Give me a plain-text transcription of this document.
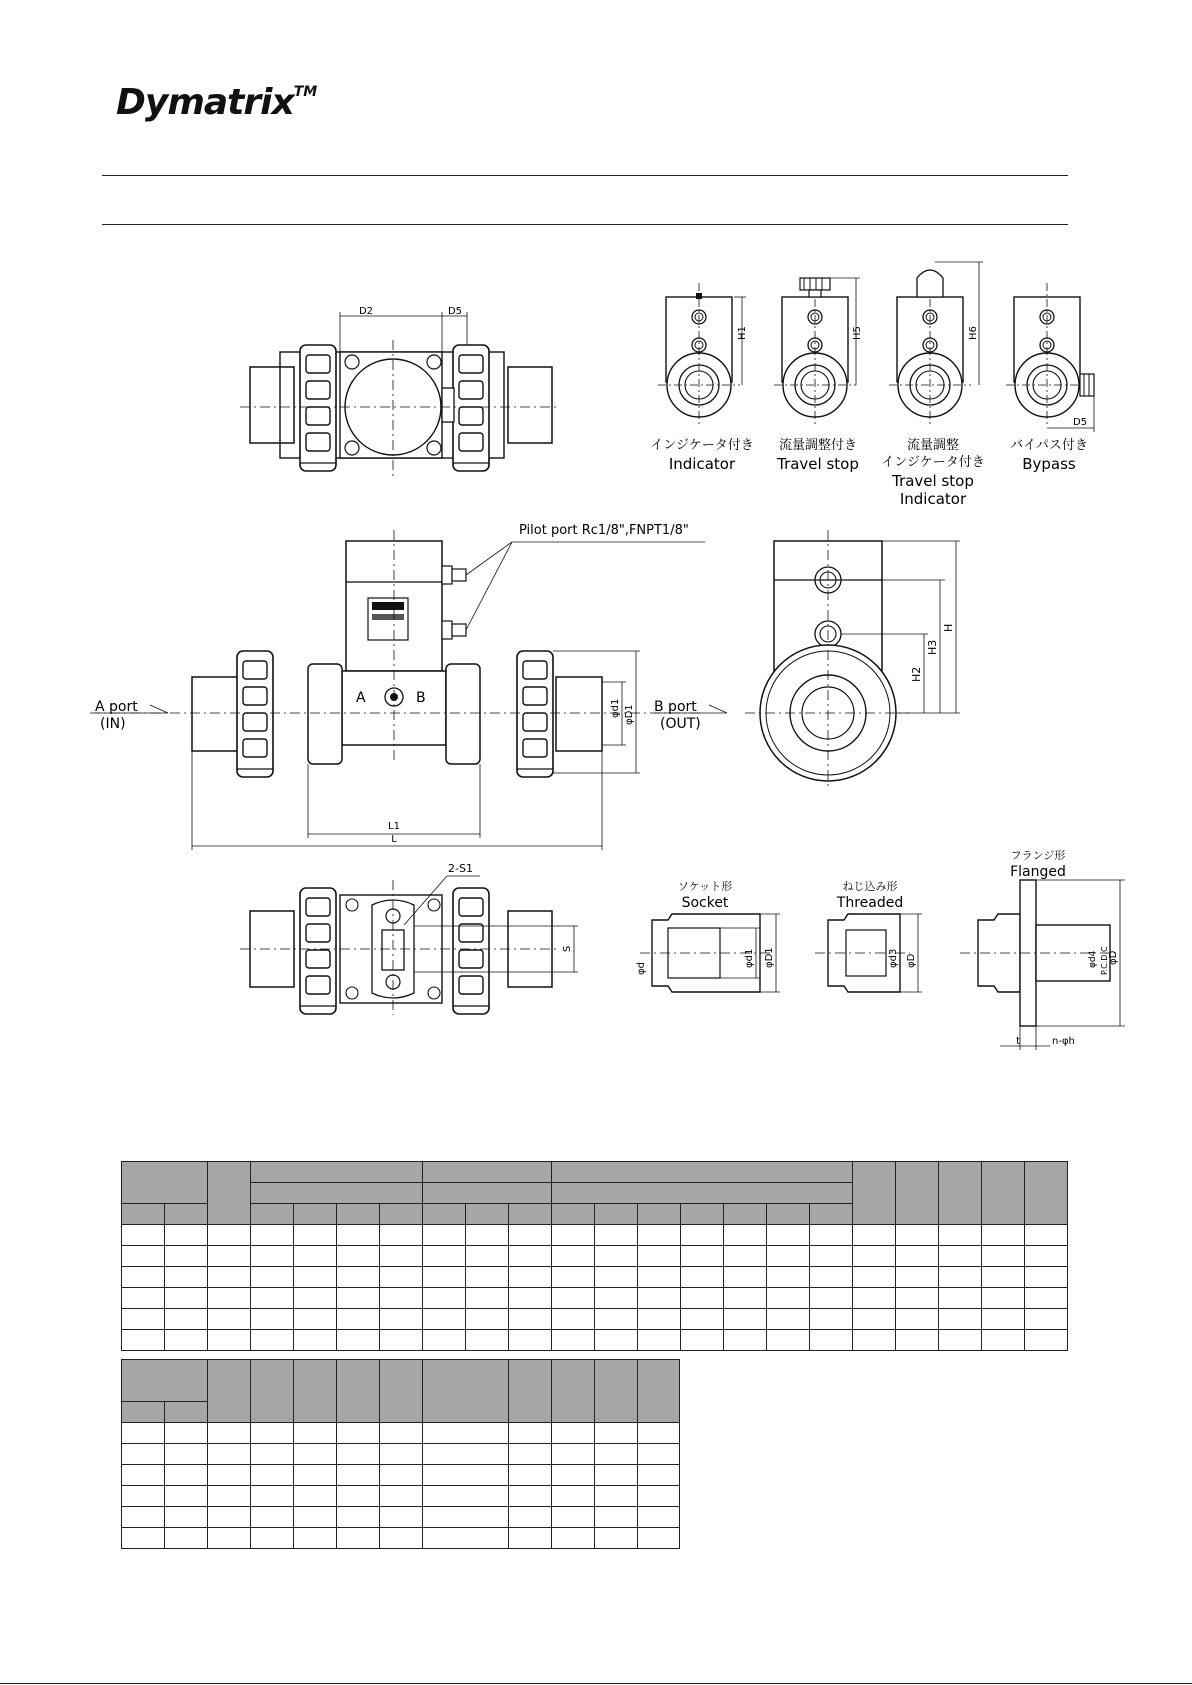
Dymatrix™
D2	D5
H1	H5	H6
D5
インジケータ付き
Indicator
流量調整付き
Travel stop
流量調整
インジケータ付き
Travel stop
Indicator
バイパス付き
Bypass
Pilot port Rc1/8",FNPT1/8"
A port
(IN)
B port
(OUT)
A	B
L1
L
φd1 φD1
H
H3
H2
2-S1
S
ソケット形
Socket
φd
φd1 φD1
ねじ込み形
Threaded
φd3 φD
フランジ形
Flanged
φd4 P.C.D.C φD
t	n-φh
